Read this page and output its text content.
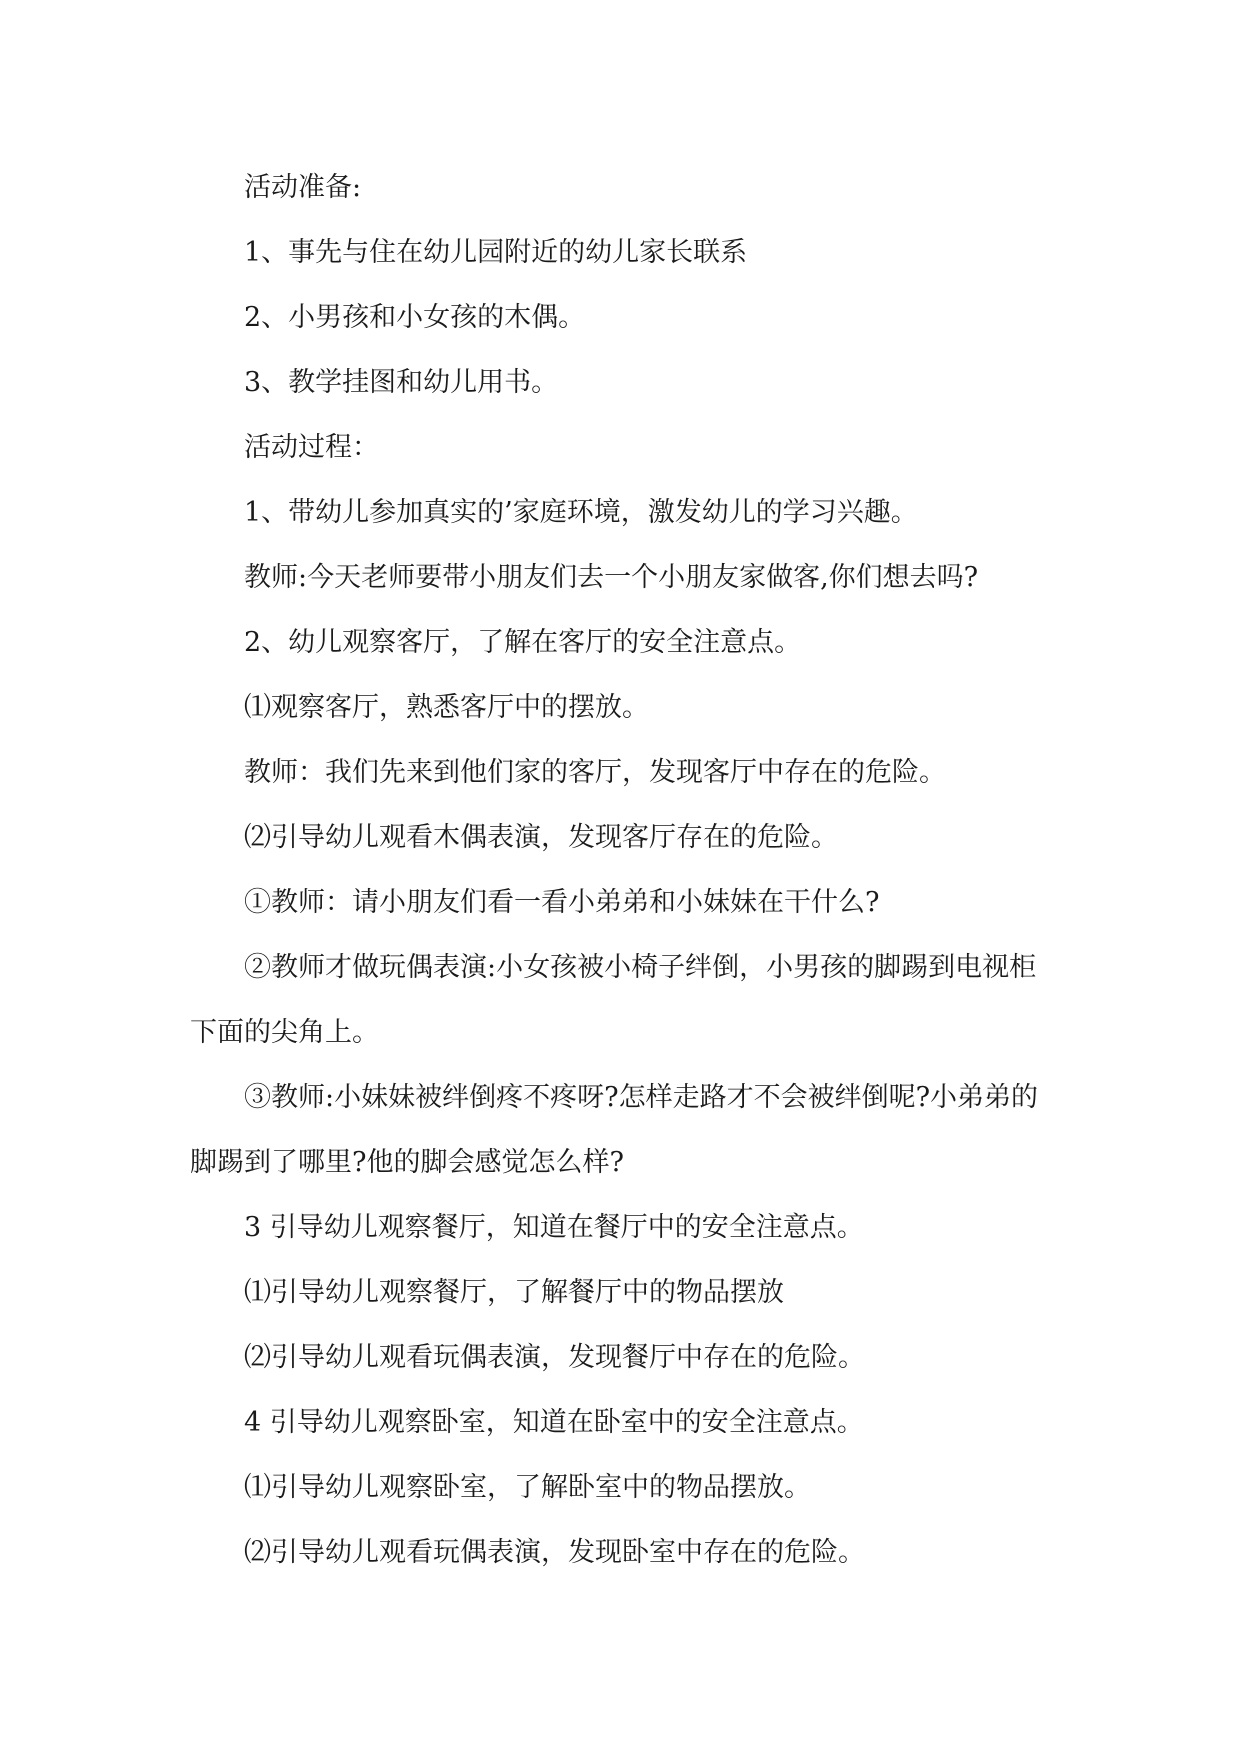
活动准备:

1、事先与住在幼儿园附近的幼儿家长联系

2、小男孩和小女孩的木偶。

3、教学挂图和幼儿用书。

活动过程：

1、带幼儿参加真实的’家庭环境，激发幼儿的学习兴趣。

教师:今天老师要带小朋友们去一个小朋友家做客,你们想去吗?

2、幼儿观察客厅，了解在客厅的安全注意点。

⑴观察客厅，熟悉客厅中的摆放。

教师：我们先来到他们家的客厅，发现客厅中存在的危险。

⑵引导幼儿观看木偶表演，发现客厅存在的危险。

①教师：请小朋友们看一看小弟弟和小妹妹在干什么?

②教师才做玩偶表演:小女孩被小椅子绊倒，小男孩的脚踢到电视柜下面的尖角上。

③教师:小妹妹被绊倒疼不疼呀?怎样走路才不会被绊倒呢?小弟弟的脚踢到了哪里?他的脚会感觉怎么样?

3 引导幼儿观察餐厅，知道在餐厅中的安全注意点。

⑴引导幼儿观察餐厅，了解餐厅中的物品摆放

⑵引导幼儿观看玩偶表演，发现餐厅中存在的危险。

4 引导幼儿观察卧室，知道在卧室中的安全注意点。

⑴引导幼儿观察卧室，了解卧室中的物品摆放。

⑵引导幼儿观看玩偶表演，发现卧室中存在的危险。
